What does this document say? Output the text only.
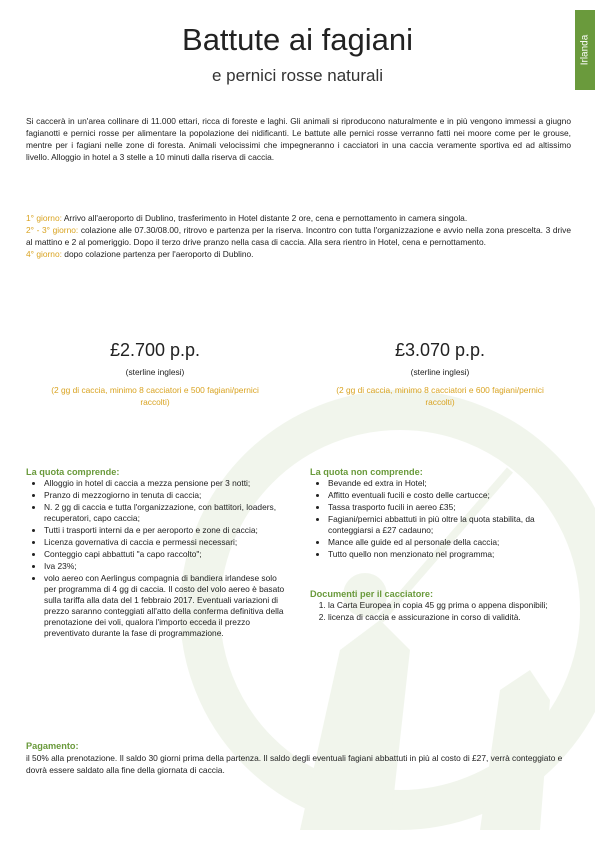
Irlanda
Battute ai fagiani
e pernici rosse naturali
Si caccerà in un'area collinare di 11.000 ettari, ricca di foreste e laghi. Gli animali si riproducono naturalmente e in più vengono immessi a giugno fagianotti e pernici rosse per alimentare la popolazione dei nidificanti. Le battute alle pernici rosse verranno fatti nei moore come per le grouse, mentre per i fagiani nelle zone di foresta. Animali velocissimi che impegneranno i cacciatori in una caccia veramente sportiva ed ad altissimo livello. Alloggio in hotel a 3 stelle a 10 minuti dalla riserva di caccia.

1° giorno: Arrivo all'aeroporto di Dublino, trasferimento in Hotel distante 2 ore, cena e pernottamento in camera singola.

2° - 3° giorno: colazione alle 07.30/08.00, ritrovo e partenza per la riserva. Incontro con tutta l'organizzazione e avvio nella zona prescelta. 3 drive al mattino e 2 al pomeriggio. Dopo il terzo drive pranzo nella casa di caccia. Alla sera rientro in Hotel, cena e pernottamento.

4° giorno: dopo colazione partenza per l'aeroporto di Dublino.

£2.700 p.p.
(sterline inglesi)
(2 gg di caccia, minimo 8 cacciatori e 500 fagiani/pernici raccolti)
£3.070 p.p.
(sterline inglesi)
(2 gg di caccia, minimo 8 cacciatori e 600 fagiani/pernici raccolti)
La quota comprende:
• Alloggio in hotel di caccia a mezza pensione per 3 notti;
• Pranzo di mezzogiorno in tenuta di caccia;
• N. 2 gg di caccia e tutta l'organizzazione, con battitori, loaders, recuperatori, capo caccia;
• Tutti i trasporti interni da e per aeroporto e zone di caccia;
• Licenza governativa di caccia e permessi necessari;
• Conteggio capi abbattuti "a capo raccolto";
• Iva 23%;
• volo aereo con Aerlingus compagnia di bandiera irlandese solo per programma di 4 gg di caccia. Il costo del volo aereo è basato sulla tariffa alla data del 1 febbraio 2017. Eventuali variazioni di prezzo saranno conteggiati all'atto della conferma definitiva della prenotazione dei voli, qualora l'importo ecceda il prezzo preventivato durante la fase di programmazione.
La quota non comprende:
• Bevande ed extra in Hotel;
• Affitto eventuali fucili e costo delle cartucce;
• Tassa trasporto fucili in aereo £35;
• Fagiani/pernici abbattuti in più oltre la quota stabilita, da conteggiarsi a £27 cadauno;
• Mance alle guide ed al personale della caccia;
• Tutto quello non menzionato nel programma;
Documenti per il cacciatore:
1. la Carta Europea in copia 45 gg prima o appena disponibili;
2. licenza di caccia e assicurazione in corso di validità.
Pagamento:
il 50% alla prenotazione. Il saldo 30 giorni prima della partenza. Il saldo degli eventuali fagiani abbattuti in più al costo di £27, verrà conteggiato e dovrà essere saldato alla fine della giornata di caccia.
